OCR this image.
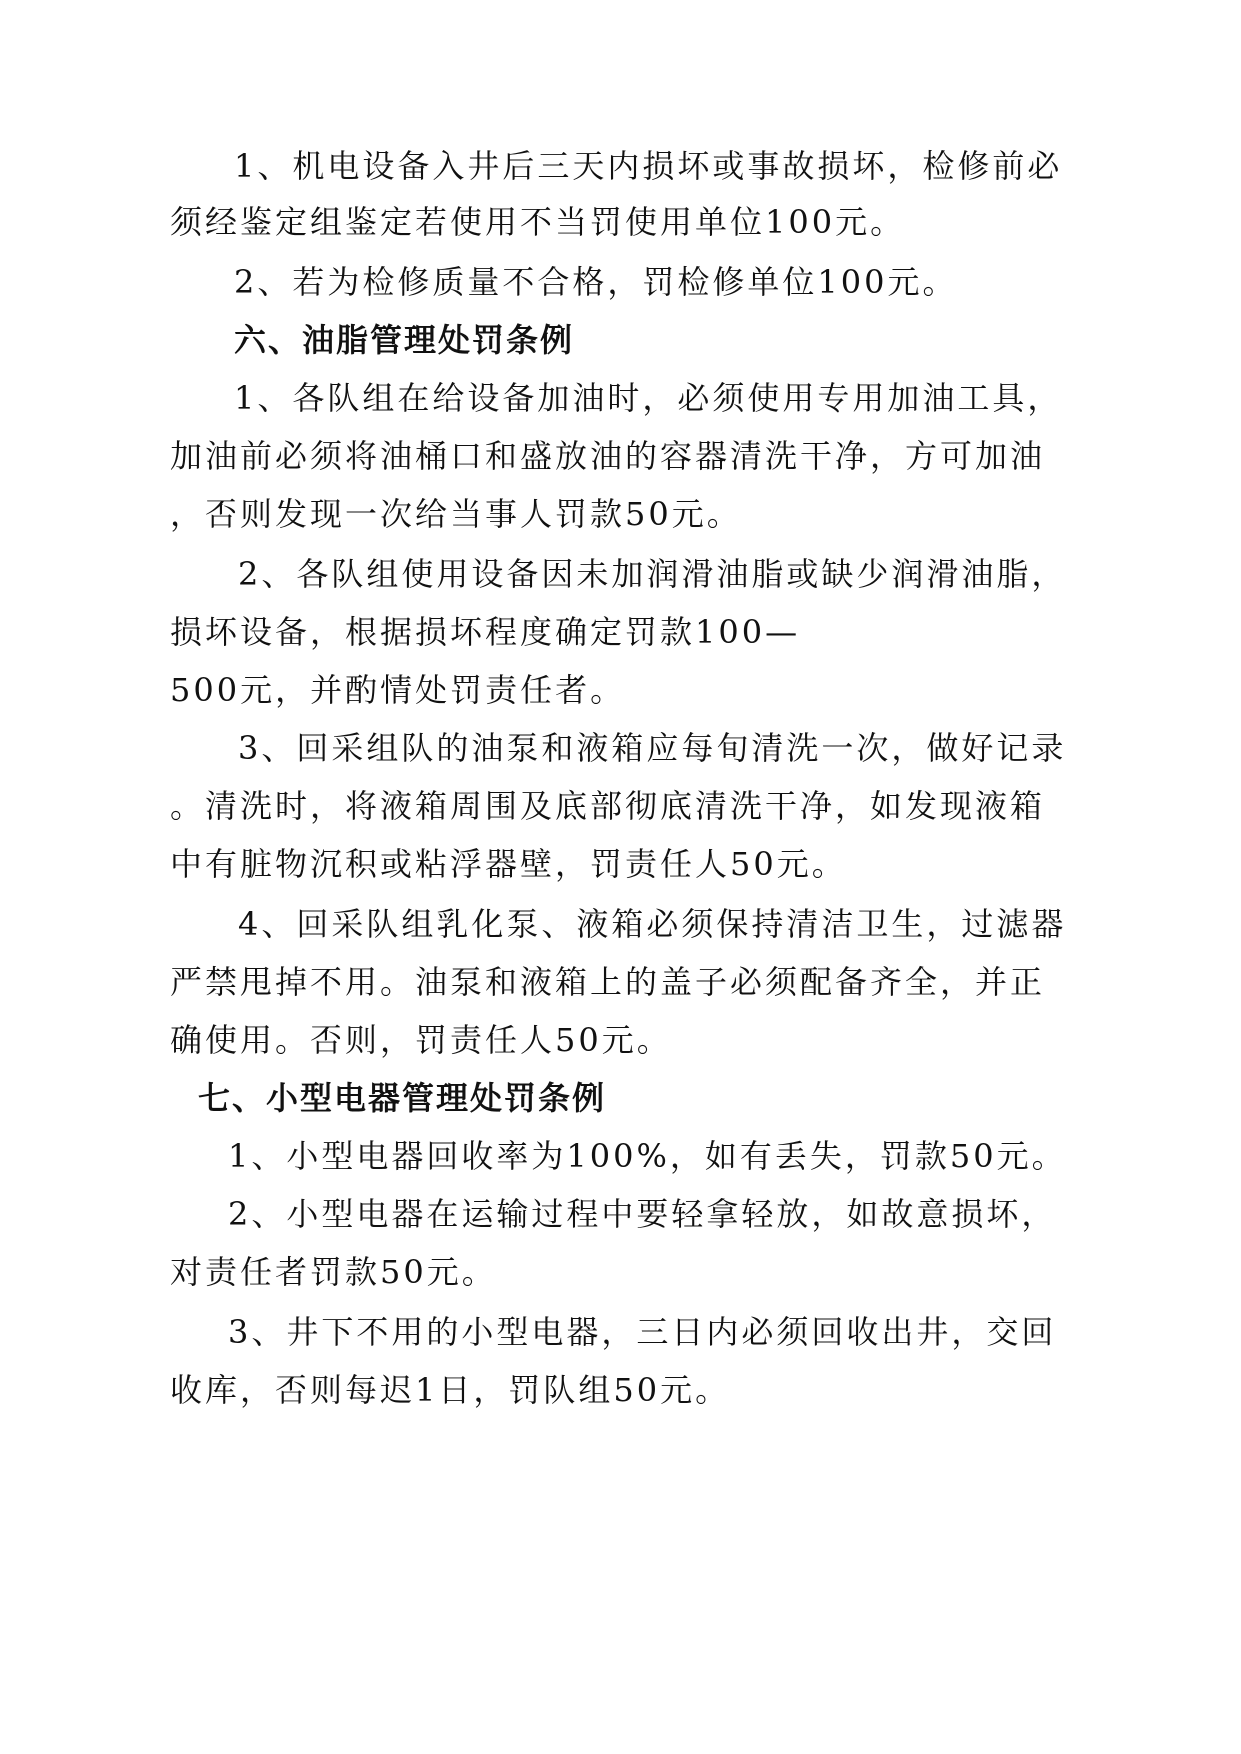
1、机电设备入井后三天内损坏或事故损坏，检修前必
须经鉴定组鉴定若使用不当罚使用单位100元。
2、若为检修质量不合格，罚检修单位100元。
六、油脂管理处罚条例
1、各队组在给设备加油时，必须使用专用加油工具，
加油前必须将油桶口和盛放油的容器清洗干净，方可加油
，否则发现一次给当事人罚款50元。
2、各队组使用设备因未加润滑油脂或缺少润滑油脂，
损坏设备，根据损坏程度确定罚款100—
500元，并酌情处罚责任者。
3、回采组队的油泵和液箱应每旬清洗一次，做好记录
。清洗时，将液箱周围及底部彻底清洗干净，如发现液箱
中有脏物沉积或粘浮器壁，罚责任人50元。
4、回采队组乳化泵、液箱必须保持清洁卫生，过滤器
严禁甩掉不用。油泵和液箱上的盖子必须配备齐全，并正
确使用。否则，罚责任人50元。
七、小型电器管理处罚条例
1、小型电器回收率为100%，如有丢失，罚款50元。
2、小型电器在运输过程中要轻拿轻放，如故意损坏，
对责任者罚款50元。
3、井下不用的小型电器，三日内必须回收出井，交回
收库，否则每迟1日，罚队组50元。
